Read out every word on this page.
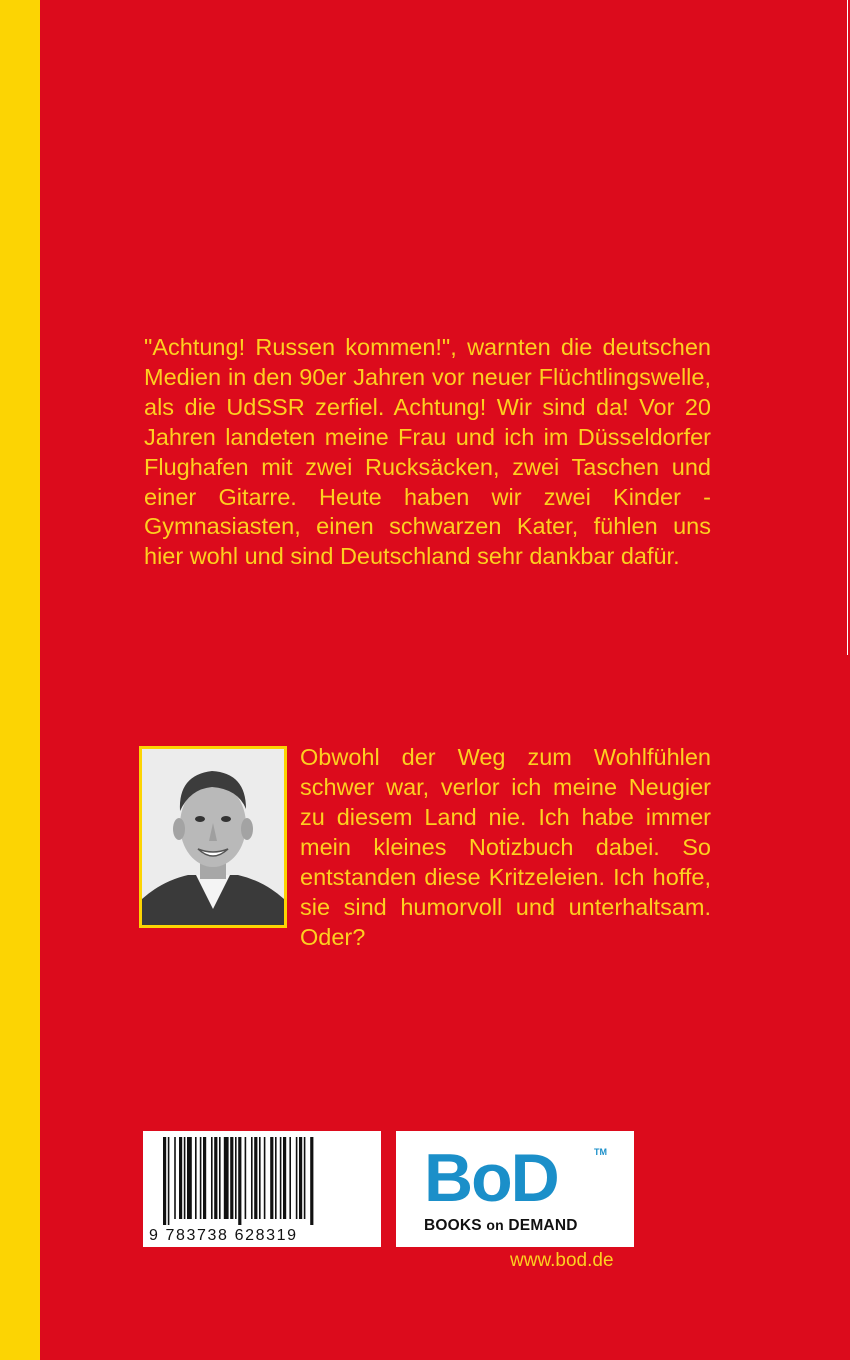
"Achtung! Russen kommen!", warnten die deutschen Medien in den 90er Jahren vor neuer Flüchtlingswelle, als die UdSSR zerfiel. Achtung! Wir sind da! Vor 20 Jahren landeten meine Frau und ich im Düsseldorfer Flughafen mit zwei Rucksäcken, zwei Taschen und einer Gitarre. Heute haben wir zwei Kinder - Gymnasiasten, einen schwarzen Kater, fühlen uns hier wohl und sind Deutschland sehr dankbar dafür.

Obwohl der Weg zum Wohlfühlen schwer war, verlor ich meine Neugier zu diesem Land nie. Ich habe immer mein kleines Notizbuch dabei. So entstanden diese Kritzeleien. Ich hoffe, sie sind humorvoll und unterhaltsam. Oder?

9 783738 628319
BoD	TM
BOOKS on DEMAND
www.bod.de
